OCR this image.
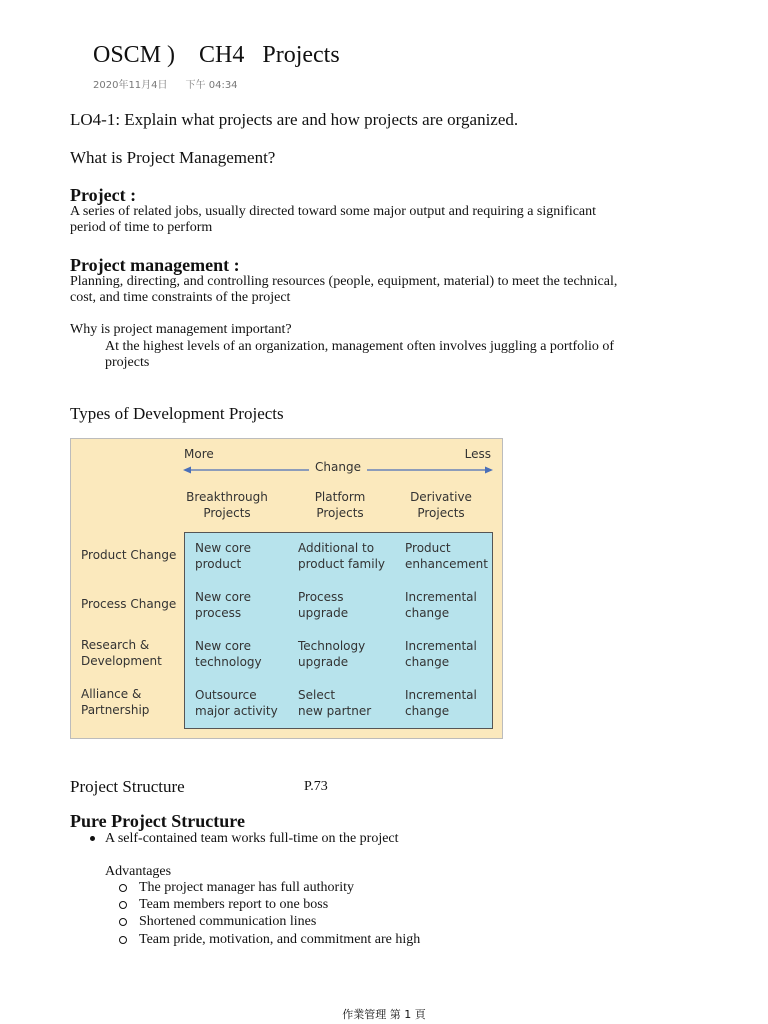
OSCM )    CH4   Projects
2020年11月4日 下午 04:34
LO4-1: Explain what projects are and how projects are organized.
What is Project Management?
Project :
A series of related jobs, usually directed toward some major output and requiring a significant
period of time to perform
Project management :
Planning, directing, and controlling resources (people, equipment, material) to meet the technical,
cost, and time constraints of the project
Why is project management important?
At the highest levels of an organization, management often involves juggling a portfolio of
projects
Types of Development Projects
More	Less
Change
Breakthrough
Projects
Platform
Projects
Derivative
Projects
Product Change
Process Change
Research &
Development
Alliance &
Partnership
New core
product
Additional to
product family
Product
enhancement
New core
process
Process
upgrade
Incremental
change
New core
technology
Technology
upgrade
Incremental
change
Outsource
major activity
Select
new partner
Incremental
change
Project Structure	P.73
Pure Project Structure
A self-contained team works full-time on the project
Advantages
The project manager has full authority
Team members report to one boss
Shortened communication lines
Team pride, motivation, and commitment are high
作業管理 第 1 頁
